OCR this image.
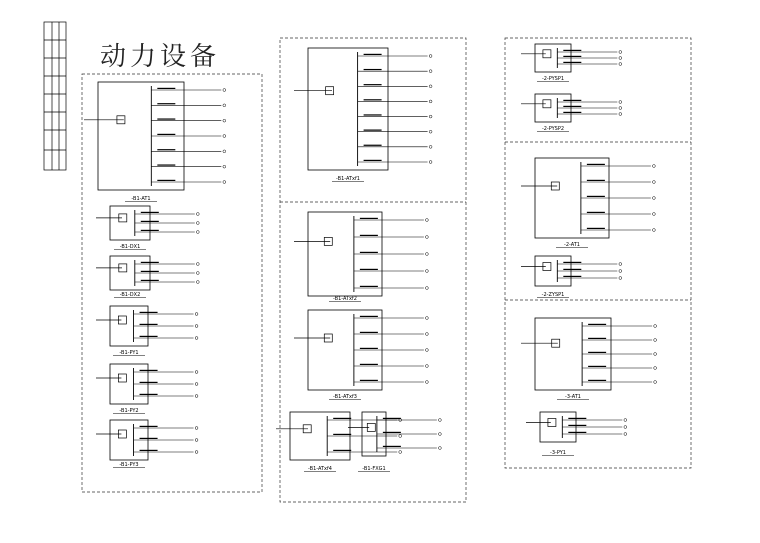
动力设备
-B1-AT1
-B1-DX1
-B1-DX2
-B1-PY1
-B1-PY2
-B1-PY3
-B1-ATxf1
-B1-ATxf2
-B1-ATxf3
-B1-FXG1
-B1-ATxf4
-2-PYSP1
-2-PYSP2
-2-AT1
-2-ZYSP1
-3-AT1
-3-PY1
